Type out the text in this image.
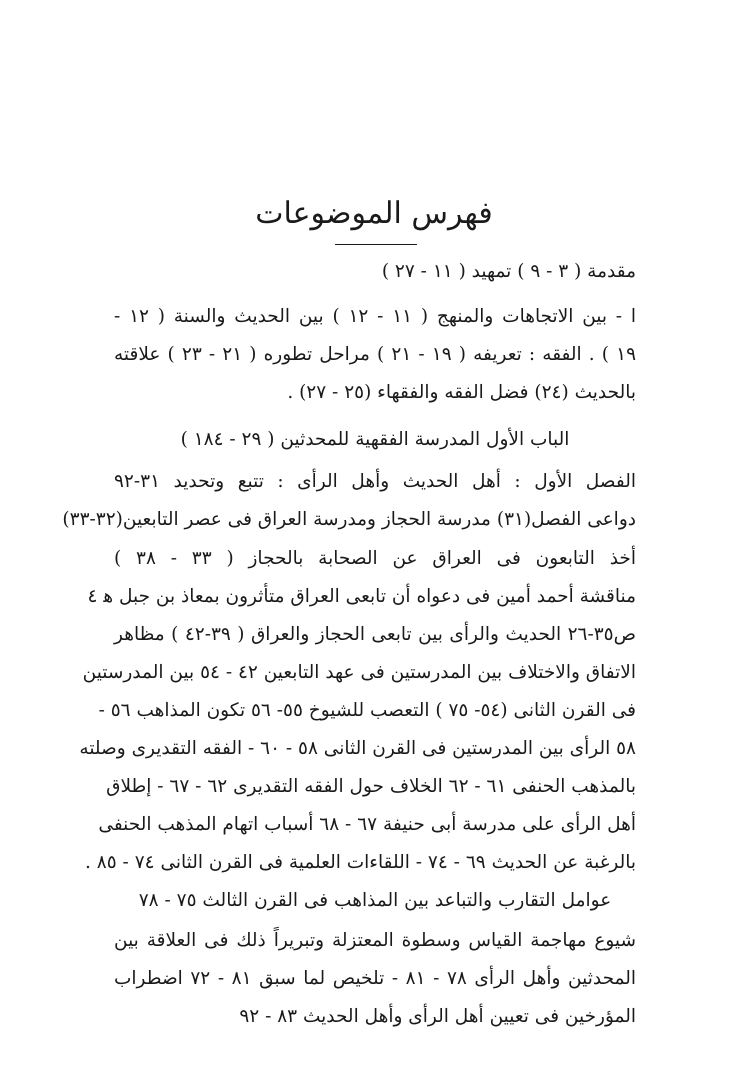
فهرس الموضوعات
مقدمة ( ٣ - ٩ ) تمهيد ( ١١ - ٢٧ )
ا - بين الاتجاهات والمنهج ( ١١ - ١٢ ) بين الحديث والسنة ( ١٢ -
١٩ ) . الفقه : تعريفه ( ١٩ - ٢١ ) مراحل تطوره ( ٢١ - ٢٣ ) علاقته
بالحديث (٢٤) فضل الفقه والفقهاء (٢٥ - ٢٧) .
الباب الأول المدرسة الفقهية للمحدثين ( ٢٩ - ١٨٤ )
الفصل الأول : أهل الحديث وأهل الرأى : تتبع وتحديد ٣١-٩٢
دواعى الفصل(٣١) مدرسة الحجاز ومدرسة العراق فى عصر التابعين(٣٢-٣٣)
أخذ التابعون فى العراق عن الصحابة بالحجاز ( ٣٣ - ٣٨ )
مناقشة أحمد أمين فى دعواه أن تابعى العراق متأثرون بمعاذ بن جبل ﻫ ٤
ص٣٥-٢٦ الحديث والرأى بين تابعى الحجاز والعراق ( ٣٩-٤٢ ) مظاهر
الاتفاق والاختلاف بين المدرستين فى عهد التابعين ٤٢ - ٥٤ بين المدرستين
فى القرن الثانى (٥٤- ٧٥ ) التعصب للشيوخ ٥٥- ٥٦ تكون المذاهب ٥٦ -
٥٨ الرأى بين المدرستين فى القرن الثانى ٥٨ - ٦٠ - الفقه التقديرى وصلته
بالمذهب الحنفى ٦١ - ٦٢ الخلاف حول الفقه التقديرى ٦٢ - ٦٧ - إطلاق
أهل الرأى على مدرسة أبى حنيفة ٦٧ - ٦٨ أسباب اتهام المذهب الحنفى
بالرغبة عن الحديث ٦٩ - ٧٤ - اللقاءات العلمية فى القرن الثانى ٧٤ - ٨٥ .
عوامل التقارب والتباعد بين المذاهب فى القرن الثالث ٧٥ - ٧٨
شيوع مهاجمة القياس وسطوة المعتزلة وتبريراً ذلك فى العلاقة بين
المحدثين وأهل الرأى ٧٨ - ٨١ - تلخيص لما سبق ٨١ - ٧٢ اضطراب
المؤرخين فى تعيين أهل الرأى وأهل الحديث ٨٣ - ٩٢
